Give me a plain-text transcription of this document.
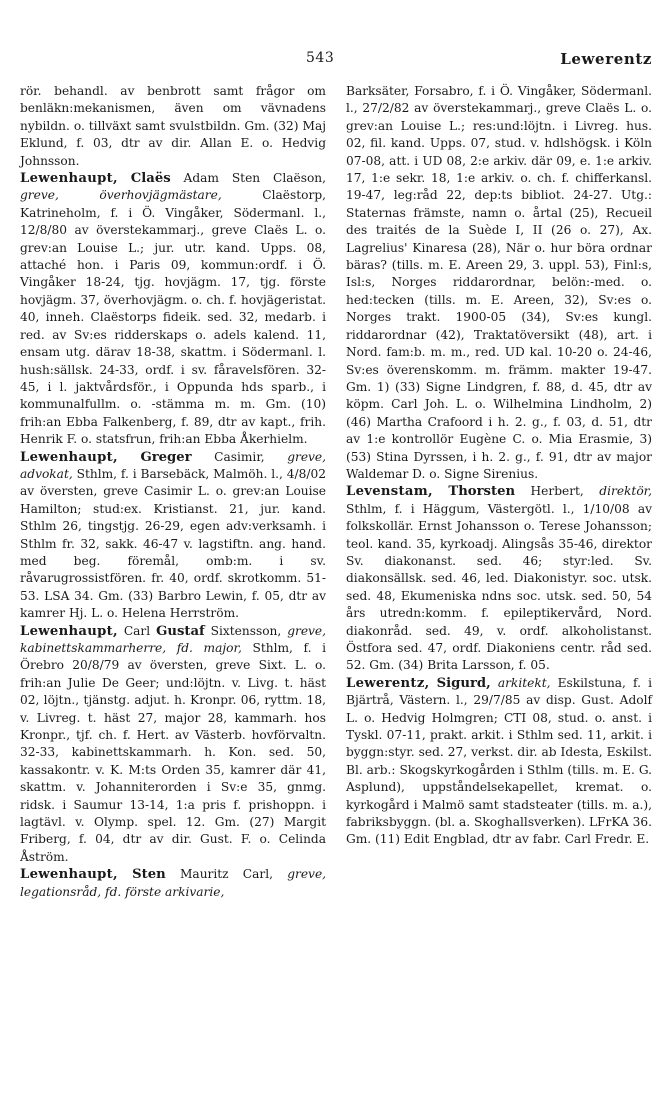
543	Lewerentz

rör. behandl. av benbrott samt frågor om benläkn:mekanismen, även om vävnadens nybildn. o. tillväxt samt svulstbildn. Gm. (32) Maj Eklund, f. 03, dtr av dir. Allan E. o. Hedvig Johnsson.

Lewenhaupt, Claës Adam Sten Claëson, greve, överhovjägmästare,	Claëstorp, Katrineholm, f. i Ö. Vingåker, Södermanl. l., 12/8/80 av överstekammarj., greve Claës L. o. grev:an Louise L.; jur. utr. kand. Upps. 08, attaché hon. i Paris 09, kommun:ordf. i Ö. Vingåker 18-24, tjg. hovjägm. 17, tjg. förste hovjägm. 37, överhovjägm. o. ch. f. hovjägeristat. 40, inneh. Claëstorps fideik. sed. 32, medarb. i red. av Sv:es ridderskaps o. adels kalend. 11, ensam utg. därav 18-38, skattm. i Södermanl. l. hush:sällsk. 24-33, ordf. i sv. fåravelsfören. 32-45, i l. jaktvårdsför., i Oppunda hds sparb., i kommunalfullm. o. -stämma m. m. Gm. (10) frih:an Ebba Falkenberg, f. 89, dtr av kapt., frih. Henrik F. o. statsfrun, frih:an Ebba Åkerhielm.

Lewenhaupt, Greger Casimir, greve, advokat, Sthlm, f. i Barsebäck, Malmöh. l., 4/8/02 av översten, greve Casimir L. o. grev:an Louise Hamilton; stud:ex. Kristianst. 21, jur. kand. Sthlm 26, tingstjg. 26-29, egen adv:verksamh. i Sthlm fr. 32, sakk. 46-47 v. lagstiftn. ang. hand. med beg. föremål, omb:m. i sv. råvarugrossistfören. fr. 40, ordf. skrotkomm. 51-53. LSA 34. Gm. (33) Barbro Lewin, f. 05, dtr av kamrer Hj. L. o. Helena Herrström.

Lewenhaupt, Carl Gustaf Sixtensson, greve, kabinettskammarherre, fd. major, Sthlm, f. i Örebro 20/8/79 av översten, greve Sixt. L. o. frih:an Julie De Geer; und:löjtn. v. Livg. t. häst 02, löjtn., tjänstg. adjut. h. Kronpr. 06, ryttm. 18, v. Livreg. t. häst 27, major 28, kammarh. hos Kronpr., tjf. ch. f. Hert. av Västerb. hovförvaltn. 32-33, kabinettskammarh. h. Kon. sed. 50, kassakontr. v. K. M:ts Orden 35, kamrer där 41, skattm. v. Johanniterorden i Sv:e 35, gnmg. ridsk. i Saumur 13-14, 1:a pris f. prishoppn. i lagtävl. v. Olymp. spel. 12. Gm. (27) Margit Friberg, f. 04, dtr av dir. Gust. F. o. Celinda Åström.

Lewenhaupt, Sten Mauritz Carl, greve, legationsråd, fd. förste arkivarie,

Barksäter, Forsabro, f. i Ö. Vingåker, Södermanl. l., 27/2/82 av överstekammarj., greve Claës L. o. grev:an Louise L.; res:und:löjtn. i Livreg. hus. 02, fil. kand. Upps. 07, stud. v. hdlshögsk. i Köln 07-08, att. i UD 08, 2:e arkiv. där 09, e. 1:e arkiv. 17, 1:e sekr. 18, 1:e arkiv. o. ch. f. chifferkansl. 19-47, leg:råd 22, dep:ts bibliot. 24-27. Utg.: Staternas främste, namn o. årtal (25), Recueil des traités de la Suède I, II (26 o. 27), Ax. Lagrelius' Kinaresa (28), När o. hur böra ordnar bäras? (tills. m. E. Areen 29, 3. uppl. 53), Finl:s, Isl:s, Norges riddarordnar, belön:-med. o. hed:tecken (tills. m. E. Areen, 32), Sv:es o. Norges trakt. 1900-05 (34), Sv:es kungl. riddarordnar (42), Traktatöversikt (48), art. i Nord. fam:b. m. m., red. UD kal. 10-20 o. 24-46, Sv:es överenskomm. m. främm. makter 19-47. Gm. 1) (33) Signe Lindgren, f. 88, d. 45, dtr av köpm. Carl Joh. L. o. Wilhelmina Lindholm, 2) (46) Martha Crafoord i h. 2. g., f. 03, d. 51, dtr av 1:e kontrollör Eugène C. o. Mia Erasmie, 3) (53) Stina Dyrssen, i h. 2. g., f. 91, dtr av major Waldemar D. o. Signe Sirenius.

Levenstam, Thorsten Herbert, direktör, Sthlm, f. i Häggum, Västergötl. l., 1/10/08 av folkskollär. Ernst Johansson o. Terese Johansson; teol. kand. 35, kyrkoadj. Alingsås 35-46, direktor Sv. diakonanst. sed. 46; styr:led. Sv. diakonsällsk. sed. 46, led. Diakonistyr. soc. utsk. sed. 48, Ekumeniska ndns soc. utsk. sed. 50, 54 års utredn:komm. f. epileptikervård, Nord. diakonråd. sed. 49, v. ordf. alkoholistanst. Östfora sed. 47, ordf. Diakoniens centr. råd sed. 52. Gm. (34) Brita Larsson, f. 05.

Lewerentz, Sigurd, arkitekt, Eskilstuna, f. i Bjärtrå, Västern. l., 29/7/85 av disp. Gust. Adolf L. o. Hedvig Holmgren; CTI 08, stud. o. anst. i Tyskl. 07-11, prakt. arkit. i Sthlm sed. 11, arkit. i byggn:styr. sed. 27, verkst. dir. ab Idesta, Eskilst. Bl. arb.: Skogskyrkogården i Sthlm (tills. m. E. G. Asplund), uppståndelsekapellet, kremat. o. kyrkogård i Malmö samt stadsteater (tills. m. a.), fabriksbyggn. (bl. a. Skoghallsverken). LFrKA 36. Gm. (11) Edit Engblad, dtr av fabr. Carl Fredr. E.
